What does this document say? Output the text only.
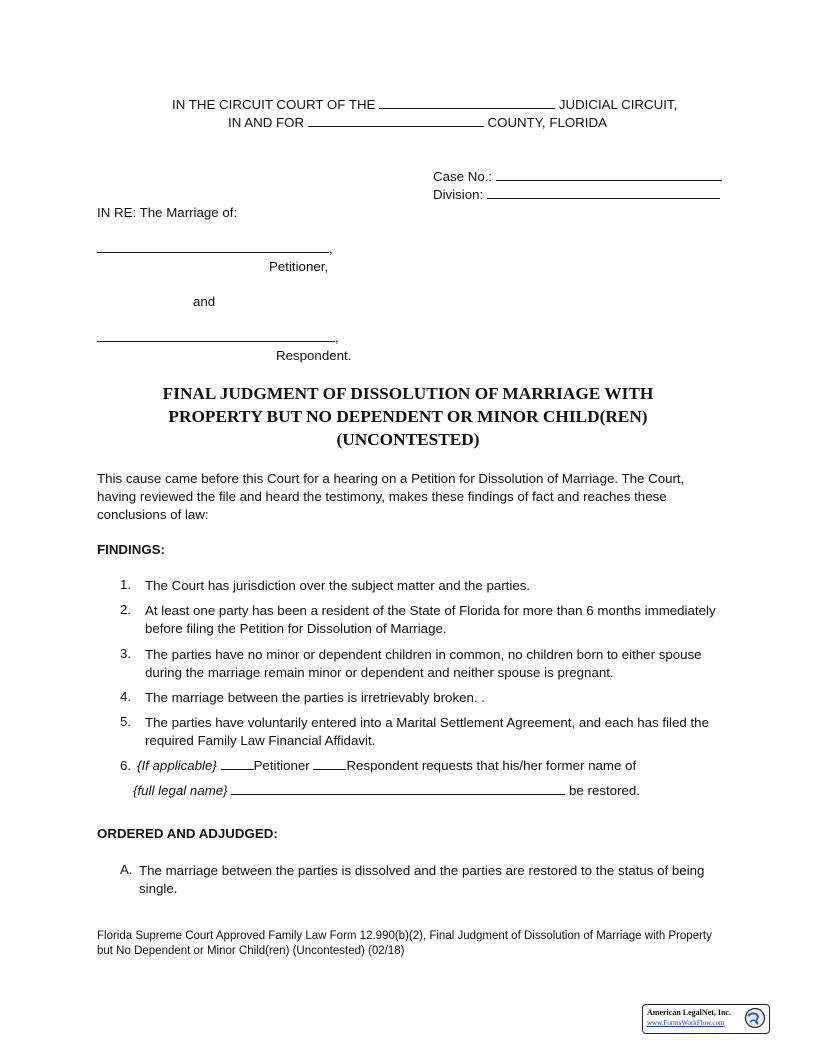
IN THE CIRCUIT COURT OF THE	JUDICIAL CIRCUIT,
IN AND FOR	COUNTY, FLORIDA
Case No.:
Division:
IN RE: The Marriage of:
,
Petitioner,
and
,
Respondent.
FINAL JUDGMENT OF DISSOLUTION OF MARRIAGE WITH
PROPERTY BUT NO DEPENDENT OR MINOR CHILD(REN)
(UNCONTESTED)
This cause came before this Court for a hearing on a Petition for Dissolution of Marriage. The Court, having reviewed the file and heard the testimony, makes these findings of fact and reaches these conclusions of law:
FINDINGS:
1. The Court has jurisdiction over the subject matter and the parties.
2. At least one party has been a resident of the State of Florida for more than 6 months immediately before filing the Petition for Dissolution of Marriage.
3. The parties have no minor or dependent children in common, no children born to either spouse during the marriage remain minor or dependent and neither spouse is pregnant.
4. The marriage between the parties is irretrievably broken. .
5. The parties have voluntarily entered into a Marital Settlement Agreement, and each has filed the required Family Law Financial Affidavit.
6. {If applicable}	Petitioner	Respondent requests that his/her former name of
{full legal name}	be restored.
ORDERED AND ADJUDGED:
A. The marriage between the parties is dissolved and the parties are restored to the status of being single.
Florida Supreme Court Approved Family Law Form 12.990(b)(2), Final Judgment of Dissolution of Marriage with Property but No Dependent or Minor Child(ren) (Uncontested) (02/18)
American LegalNet, Inc.
www.FormsWorkFlow.com
